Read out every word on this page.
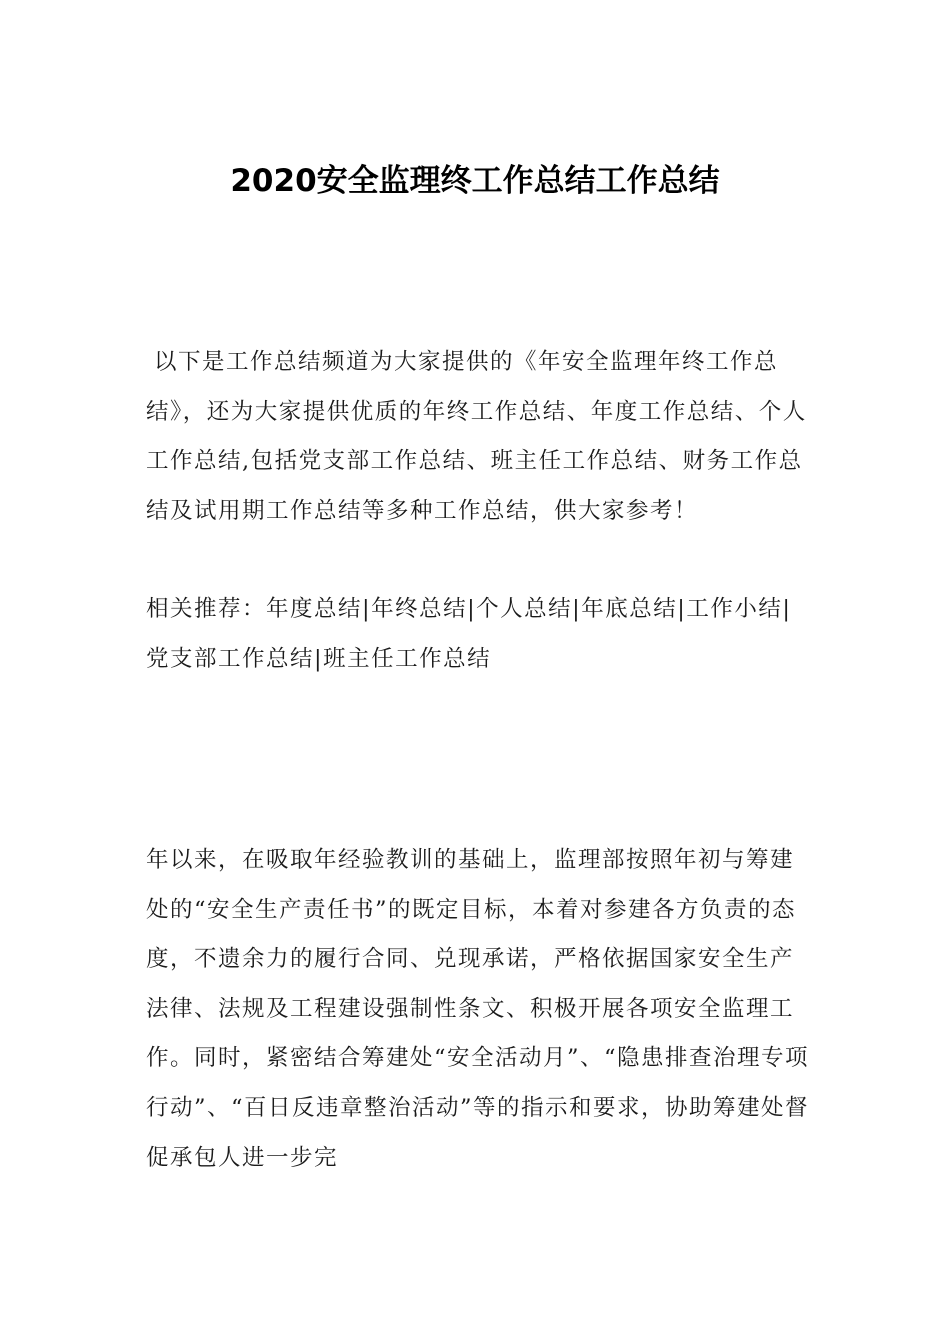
2020安全监理终工作总结工作总结

以下是工作总结频道为大家提供的《年安全监理年终工作总结》，还为大家提供优质的年终工作总结、年度工作总结、个人工作总结,包括党支部工作总结、班主任工作总结、财务工作总结及试用期工作总结等多种工作总结，供大家参考！

相关推荐：年度总结|年终总结|个人总结|年底总结|工作小结|党支部工作总结|班主任工作总结

年以来，在吸取年经验教训的基础上，监理部按照年初与筹建处的“安全生产责任书”的既定目标，本着对参建各方负责的态度，不遗余力的履行合同、兑现承诺，严格依据国家安全生产法律、法规及工程建设强制性条文、积极开展各项安全监理工作。同时，紧密结合筹建处“安全活动月”、“隐患排查治理专项行动”、“百日反违章整治活动”等的指示和要求，协助筹建处督促承包人进一步完
